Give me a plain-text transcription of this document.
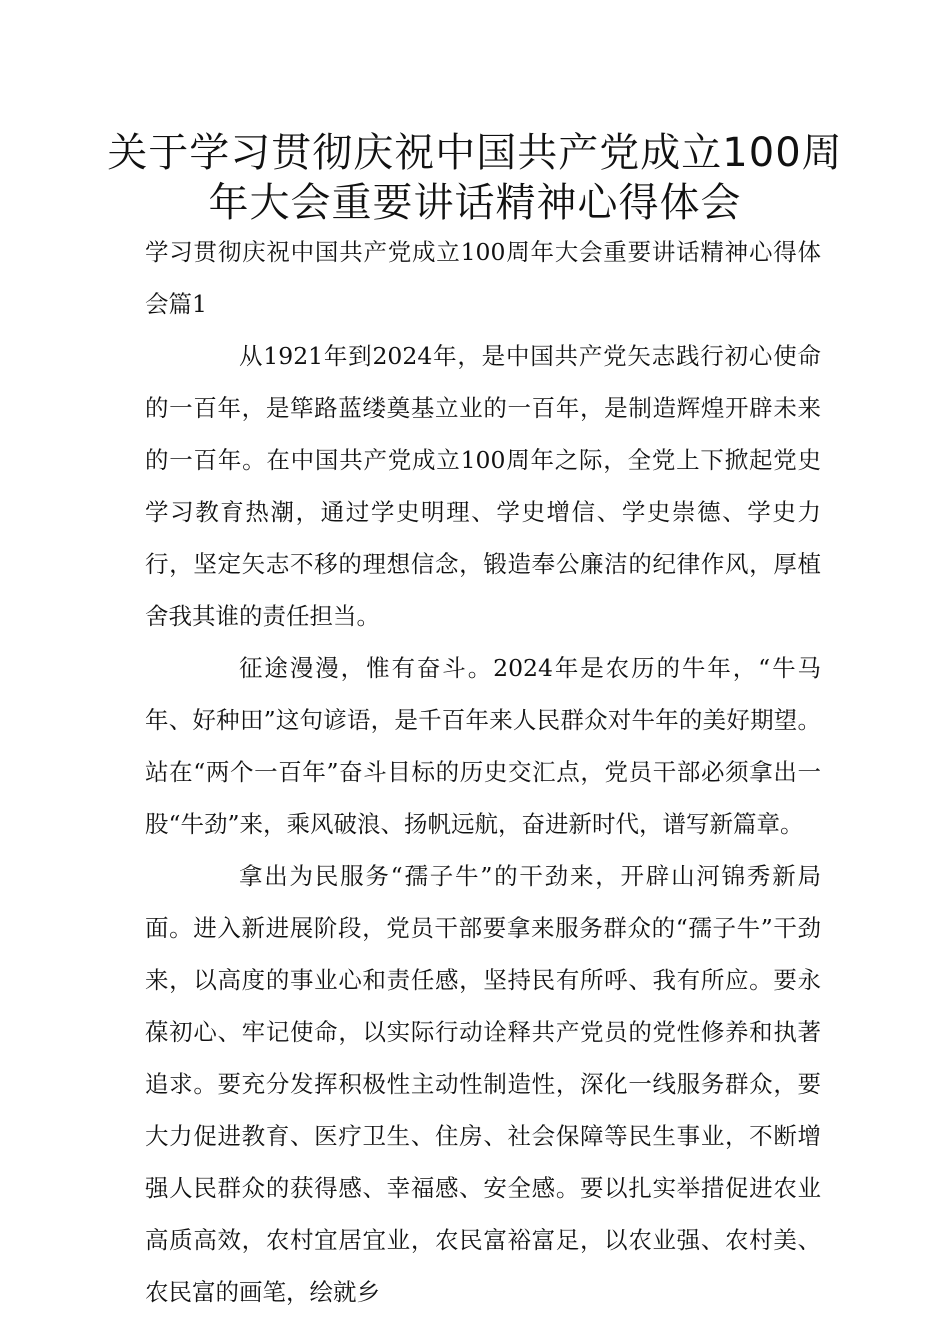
关于学习贯彻庆祝中国共产党成立100周年大会重要讲话精神心得体会

学习贯彻庆祝中国共产党成立100周年大会重要讲话精神心得体会篇1

从1921年到2024年，是中国共产党矢志践行初心使命的一百年，是筚路蓝缕奠基立业的一百年，是制造辉煌开辟未来的一百年。在中国共产党成立100周年之际，全党上下掀起党史学习教育热潮，通过学史明理、学史增信、学史崇德、学史力行，坚定矢志不移的理想信念，锻造奉公廉洁的纪律作风，厚植舍我其谁的责任担当。

征途漫漫，惟有奋斗。2024年是农历的牛年，“牛马年、好种田”这句谚语，是千百年来人民群众对牛年的美好期望。站在“两个一百年”奋斗目标的历史交汇点，党员干部必须拿出一股“牛劲”来，乘风破浪、扬帆远航，奋进新时代，谱写新篇章。

拿出为民服务“孺子牛”的干劲来，开辟山河锦秀新局面。进入新进展阶段，党员干部要拿来服务群众的“孺子牛”干劲来，以高度的事业心和责任感，坚持民有所呼、我有所应。要永葆初心、牢记使命，以实际行动诠释共产党员的党性修养和执著追求。要充分发挥积极性主动性制造性，深化一线服务群众，要大力促进教育、医疗卫生、住房、社会保障等民生事业，不断增强人民群众的获得感、幸福感、安全感。要以扎实举措促进农业高质高效，农村宜居宜业，农民富裕富足，以农业强、农村美、农民富的画笔，绘就乡
